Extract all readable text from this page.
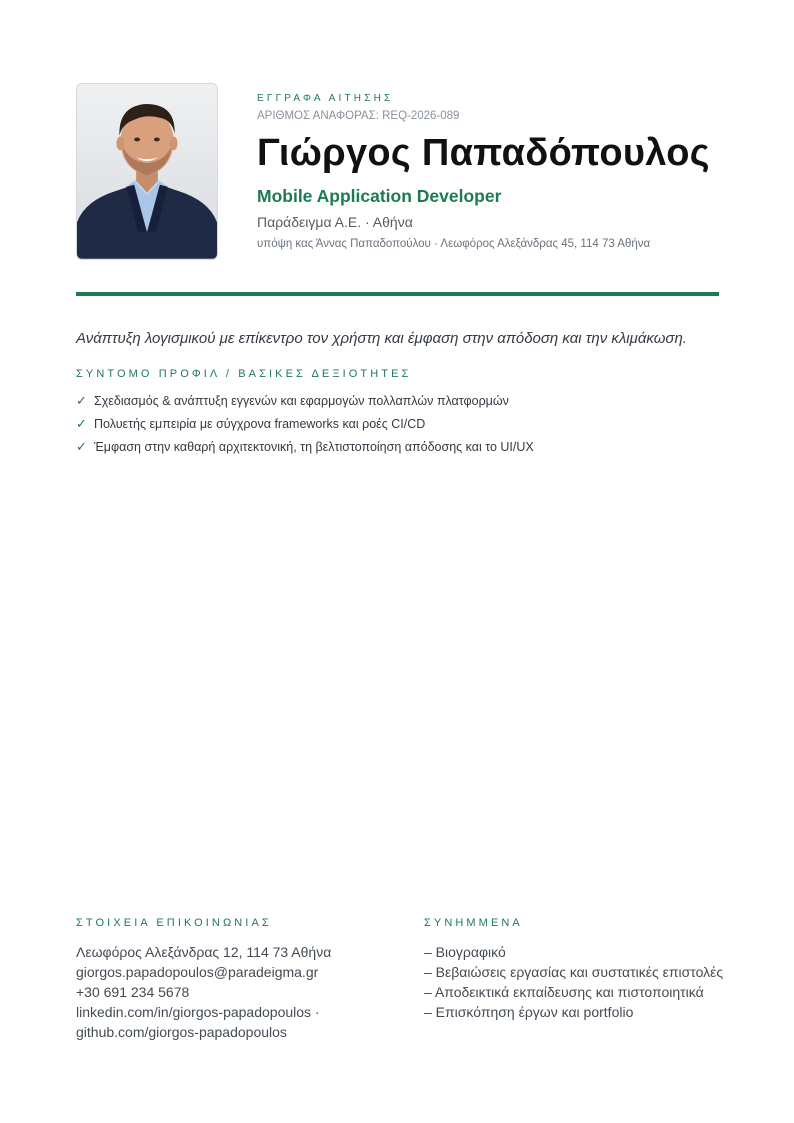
ΕΓΓΡΑΦΑ ΑΙΤΗΣΗΣ

ΑΡΙΘΜΟΣ ΑΝΑΦΟΡΑΣ: REQ-2026-089
Γιώργος Παπαδόπουλος
Mobile Application Developer
Παράδειγμα Α.Ε. · Αθήνα
υπόψη κας Άννας Παπαδοπούλου · Λεωφόρος Αλεξάνδρας 45, 114 73 Αθήνα

Ανάπτυξη λογισμικού με επίκεντρο τον χρήστη και έμφαση στην απόδοση και την κλιμάκωση.

ΣΥΝΤΟΜΟ ΠΡΟΦΙΛ / ΒΑΣΙΚΕΣ ΔΕΞΙΟΤΗΤΕΣ

✓ Σχεδιασμός & ανάπτυξη εγγενών και εφαρμογών πολλαπλών πλατφορμών
✓ Πολυετής εμπειρία με σύγχρονα frameworks και ροές CI/CD
✓ Έμφαση στην καθαρή αρχιτεκτονική, τη βελτιστοποίηση απόδοσης και το UI/UX

ΣΤΟΙΧΕΙΑ ΕΠΙΚΟΙΝΩΝΙΑΣ

Λεωφόρος Αλεξάνδρας 12, 114 73 Αθήνα
giorgos.papadopoulos@paradeigma.gr
+30 691 234 5678
linkedin.com/in/giorgos-papadopoulos ·
github.com/giorgos-papadopoulos

ΣΥΝΗΜΜΕΝΑ

– Βιογραφικό
– Βεβαιώσεις εργασίας και συστατικές επιστολές
– Αποδεικτικά εκπαίδευσης και πιστοποιητικά
– Επισκόπηση έργων και portfolio
